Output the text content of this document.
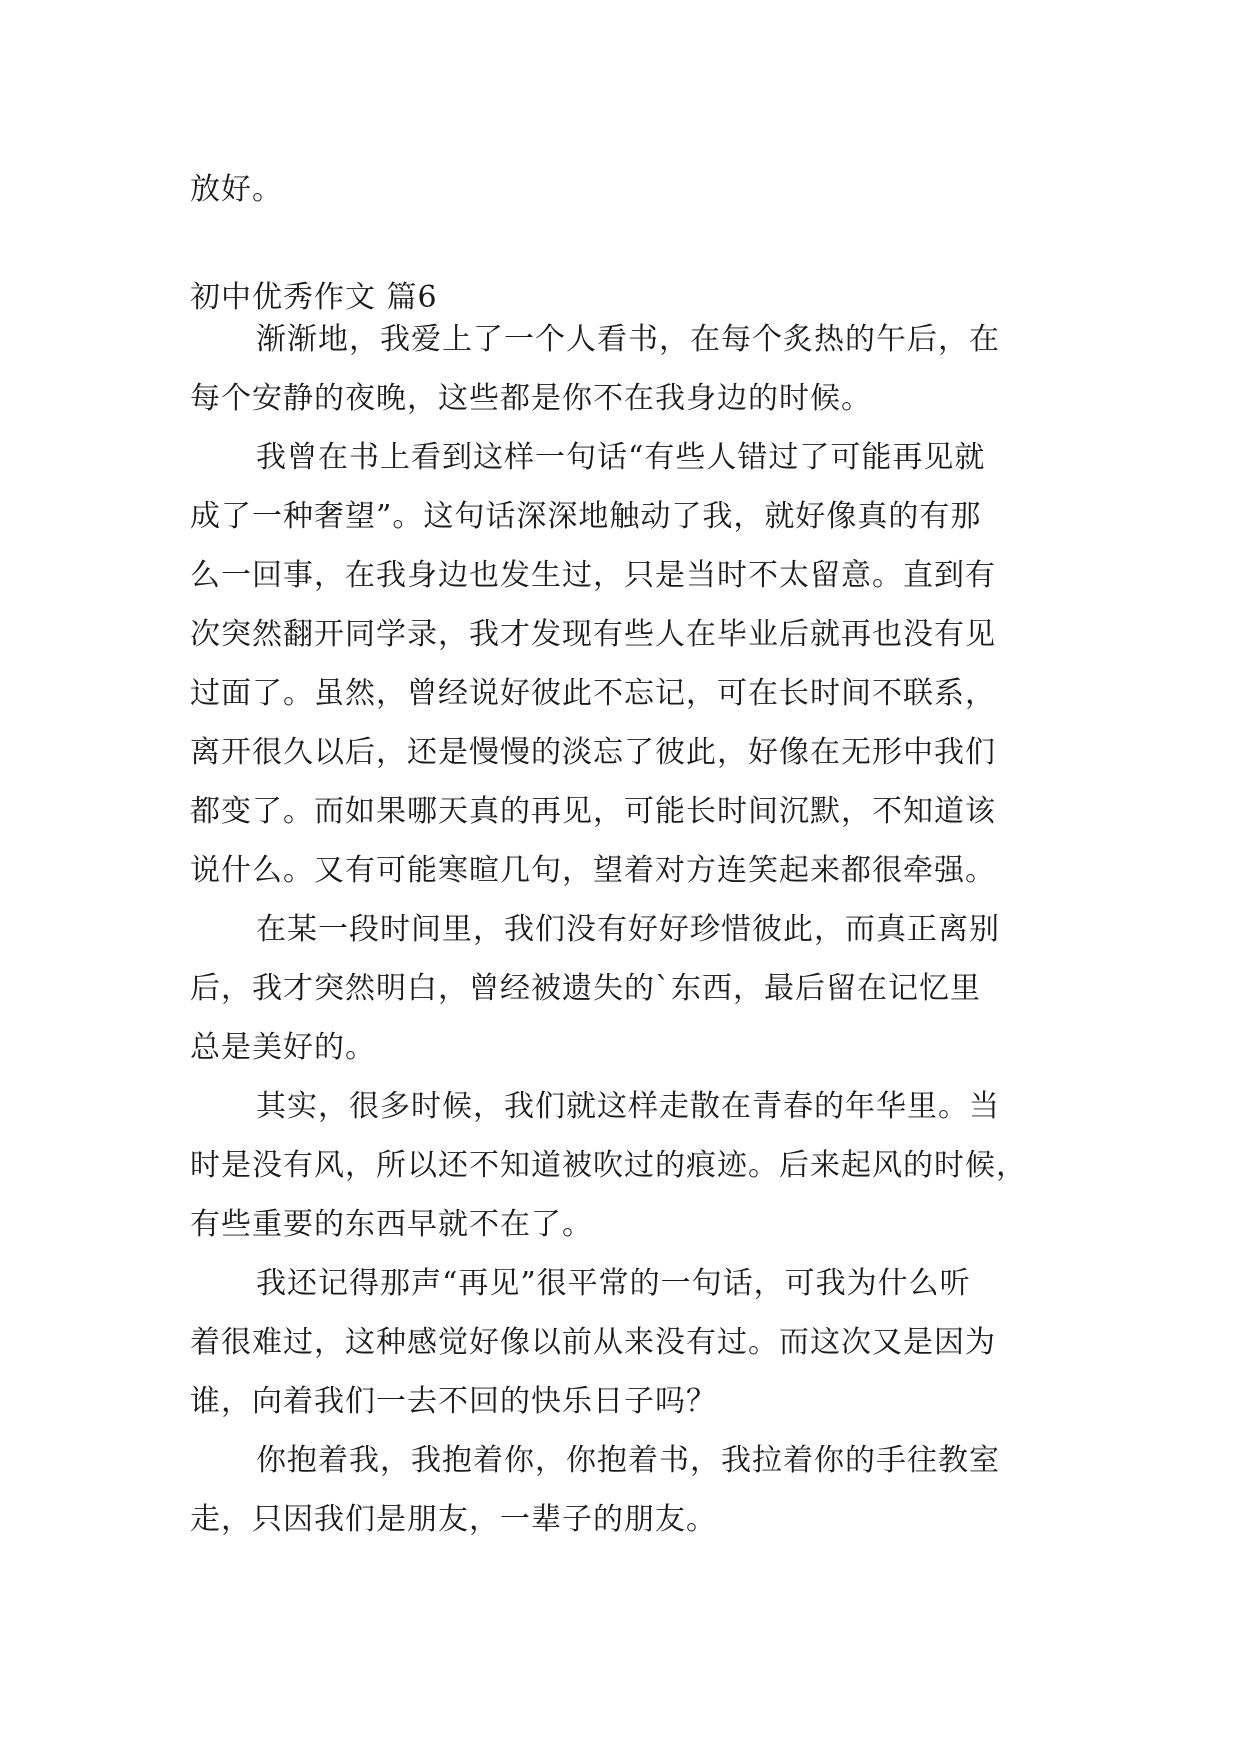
放好。

初中优秀作文 篇6

渐渐地，我爱上了一个人看书，在每个炙热的午后，在
每个安静的夜晚，这些都是你不在我身边的时候。

我曾在书上看到这样一句话“有些人错过了可能再见就
成了一种奢望”。这句话深深地触动了我，就好像真的有那
么一回事，在我身边也发生过，只是当时不太留意。直到有
次突然翻开同学录，我才发现有些人在毕业后就再也没有见
过面了。虽然，曾经说好彼此不忘记，可在长时间不联系，
离开很久以后，还是慢慢的淡忘了彼此，好像在无形中我们
都变了。而如果哪天真的再见，可能长时间沉默，不知道该
说什么。又有可能寒暄几句，望着对方连笑起来都很牵强。

在某一段时间里，我们没有好好珍惜彼此，而真正离别
后，我才突然明白，曾经被遗失的`东西，最后留在记忆里
总是美好的。

其实，很多时候，我们就这样走散在青春的年华里。当
时是没有风，所以还不知道被吹过的痕迹。后来起风的时候，
有些重要的东西早就不在了。

我还记得那声“再见”很平常的一句话，可我为什么听
着很难过，这种感觉好像以前从来没有过。而这次又是因为
谁，向着我们一去不回的快乐日子吗？

你抱着我，我抱着你，你抱着书，我拉着你的手往教室
走，只因我们是朋友，一辈子的朋友。
